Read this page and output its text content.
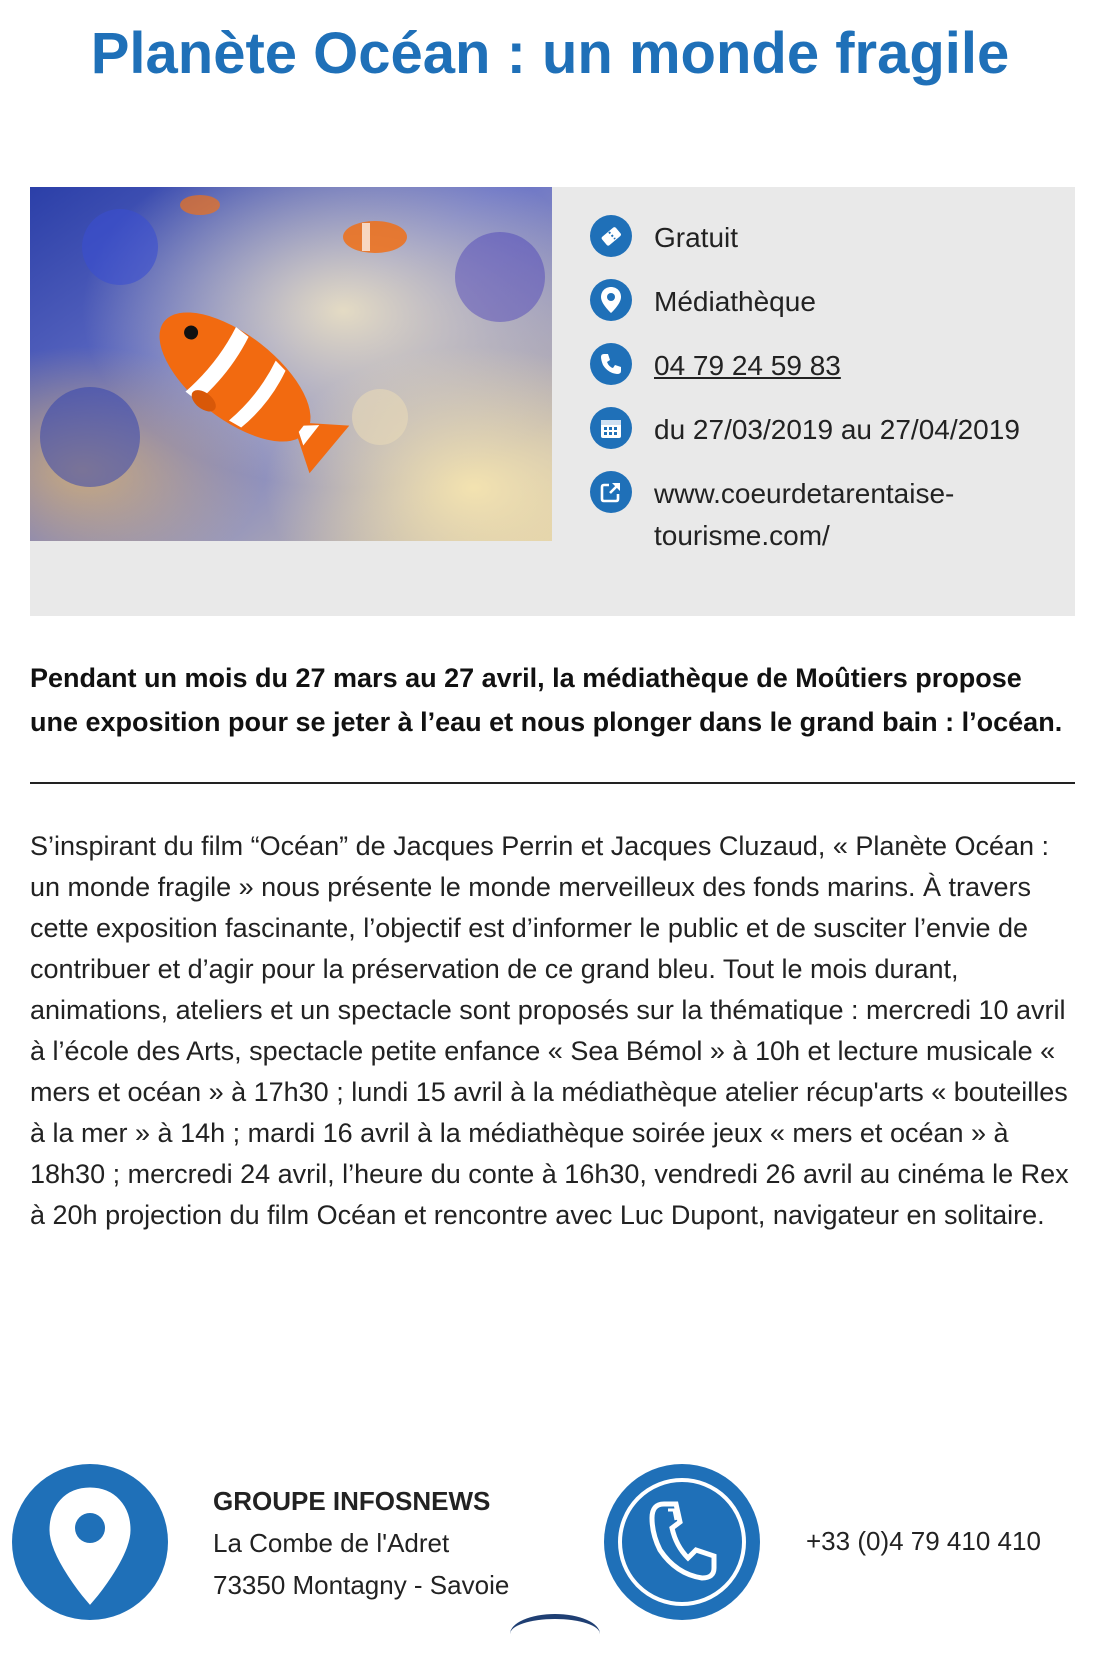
Planète Océan : un monde fragile
Gratuit
Médiathèque
04 79 24 59 83
du 27/03/2019 au 27/04/2019
www.coeurdetarentaise-tourisme.com/

Pendant un mois du 27 mars au 27 avril, la médiathèque de Moûtiers propose une exposition pour se jeter à l’eau et nous plonger dans le grand bain : l’océan.

S’inspirant du film “Océan” de Jacques Perrin et Jacques Cluzaud, « Planète Océan : un monde fragile » nous présente le monde merveilleux des fonds marins. À travers cette exposition fascinante, l’objectif est d’informer le public et de susciter l’envie de contribuer et d’agir pour la préservation de ce grand bleu. Tout le mois durant, animations, ateliers et un spectacle sont proposés sur la thématique : mercredi 10 avril à l’école des Arts, spectacle petite enfance « Sea Bémol » à 10h et lecture musicale « mers et océan » à 17h30 ; lundi 15 avril à la médiathèque atelier récup'arts « bouteilles à la mer » à 14h ; mardi 16 avril à la médiathèque soirée jeux « mers et océan » à 18h30 ; mercredi 24 avril, l’heure du conte à 16h30, vendredi 26 avril au cinéma le Rex à 20h projection du film Océan et rencontre avec Luc Dupont, navigateur en solitaire.

GROUPE INFOSNEWS
La Combe de l'Adret
73350 Montagny - Savoie
+33 (0)4 79 410 410
